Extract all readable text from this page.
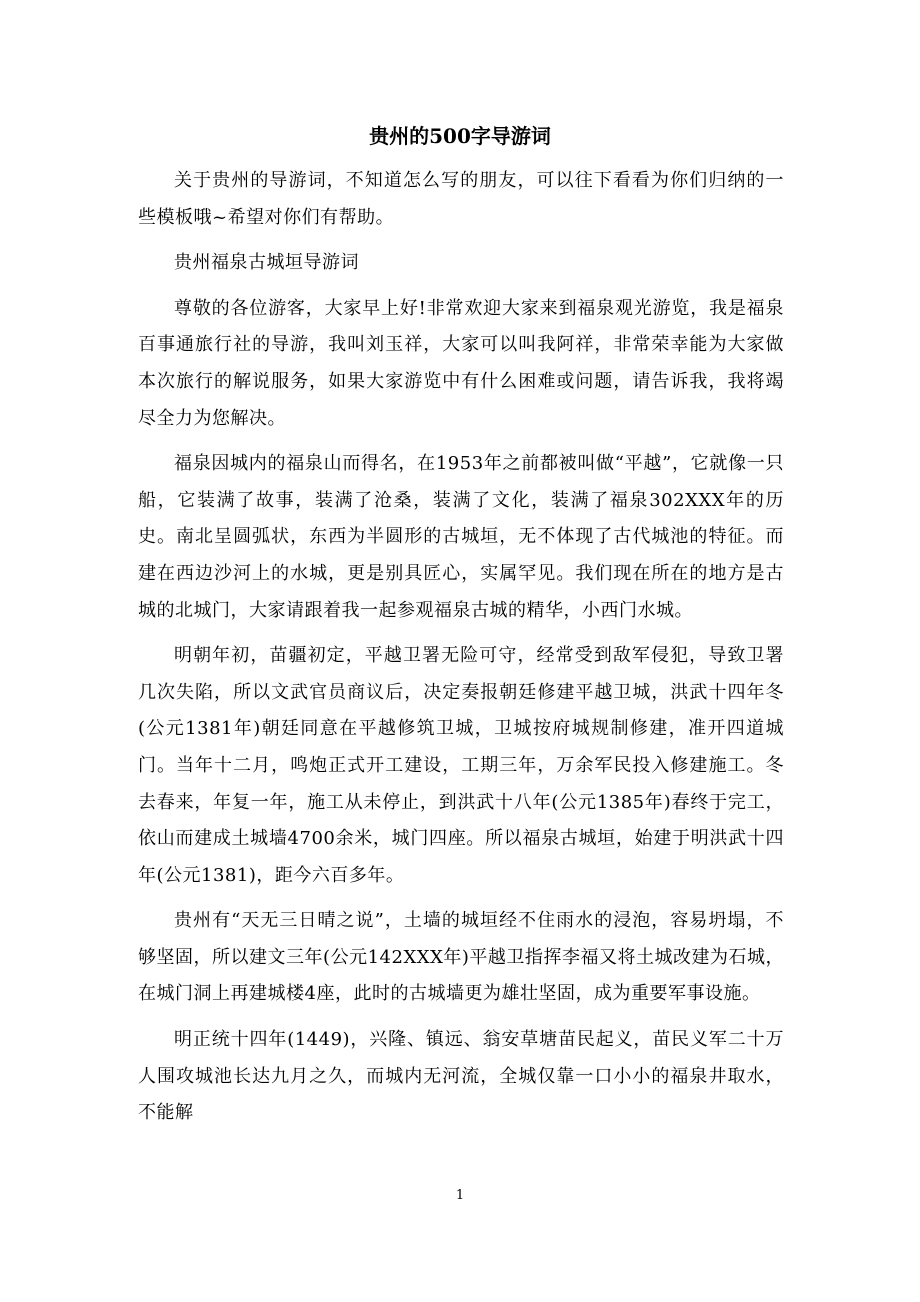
贵州的500字导游词

关于贵州的导游词，不知道怎么写的朋友，可以往下看看为你们归纳的一些模板哦~希望对你们有帮助。

贵州福泉古城垣导游词

尊敬的各位游客，大家早上好!非常欢迎大家来到福泉观光游览，我是福泉百事通旅行社的导游，我叫刘玉祥，大家可以叫我阿祥，非常荣幸能为大家做本次旅行的解说服务，如果大家游览中有什么困难或问题，请告诉我，我将竭尽全力为您解决。

福泉因城内的福泉山而得名，在1953年之前都被叫做“平越”，它就像一只船，它装满了故事，装满了沧桑，装满了文化，装满了福泉302XXX年的历史。南北呈圆弧状，东西为半圆形的古城垣，无不体现了古代城池的特征。而建在西边沙河上的水城，更是别具匠心，实属罕见。我们现在所在的地方是古城的北城门，大家请跟着我一起参观福泉古城的精华，小西门水城。

明朝年初，苗疆初定，平越卫署无险可守，经常受到敌军侵犯，导致卫署几次失陷，所以文武官员商议后，决定奏报朝廷修建平越卫城，洪武十四年冬(公元1381年)朝廷同意在平越修筑卫城，卫城按府城规制修建，准开四道城门。当年十二月，鸣炮正式开工建设，工期三年，万余军民投入修建施工。冬去春来，年复一年，施工从未停止，到洪武十八年(公元1385年)春终于完工，依山而建成土城墙4700余米，城门四座。所以福泉古城垣，始建于明洪武十四年(公元1381)，距今六百多年。

贵州有“天无三日晴之说”，土墙的城垣经不住雨水的浸泡，容易坍塌，不够坚固，所以建文三年(公元142XXX年)平越卫指挥李福又将土城改建为石城，在城门洞上再建城楼4座，此时的古城墙更为雄壮坚固，成为重要军事设施。

明正统十四年(1449)，兴隆、镇远、翁安草塘苗民起义，苗民义军二十万人围攻城池长达九月之久，而城内无河流，全城仅靠一口小小的福泉井取水，不能解

1
